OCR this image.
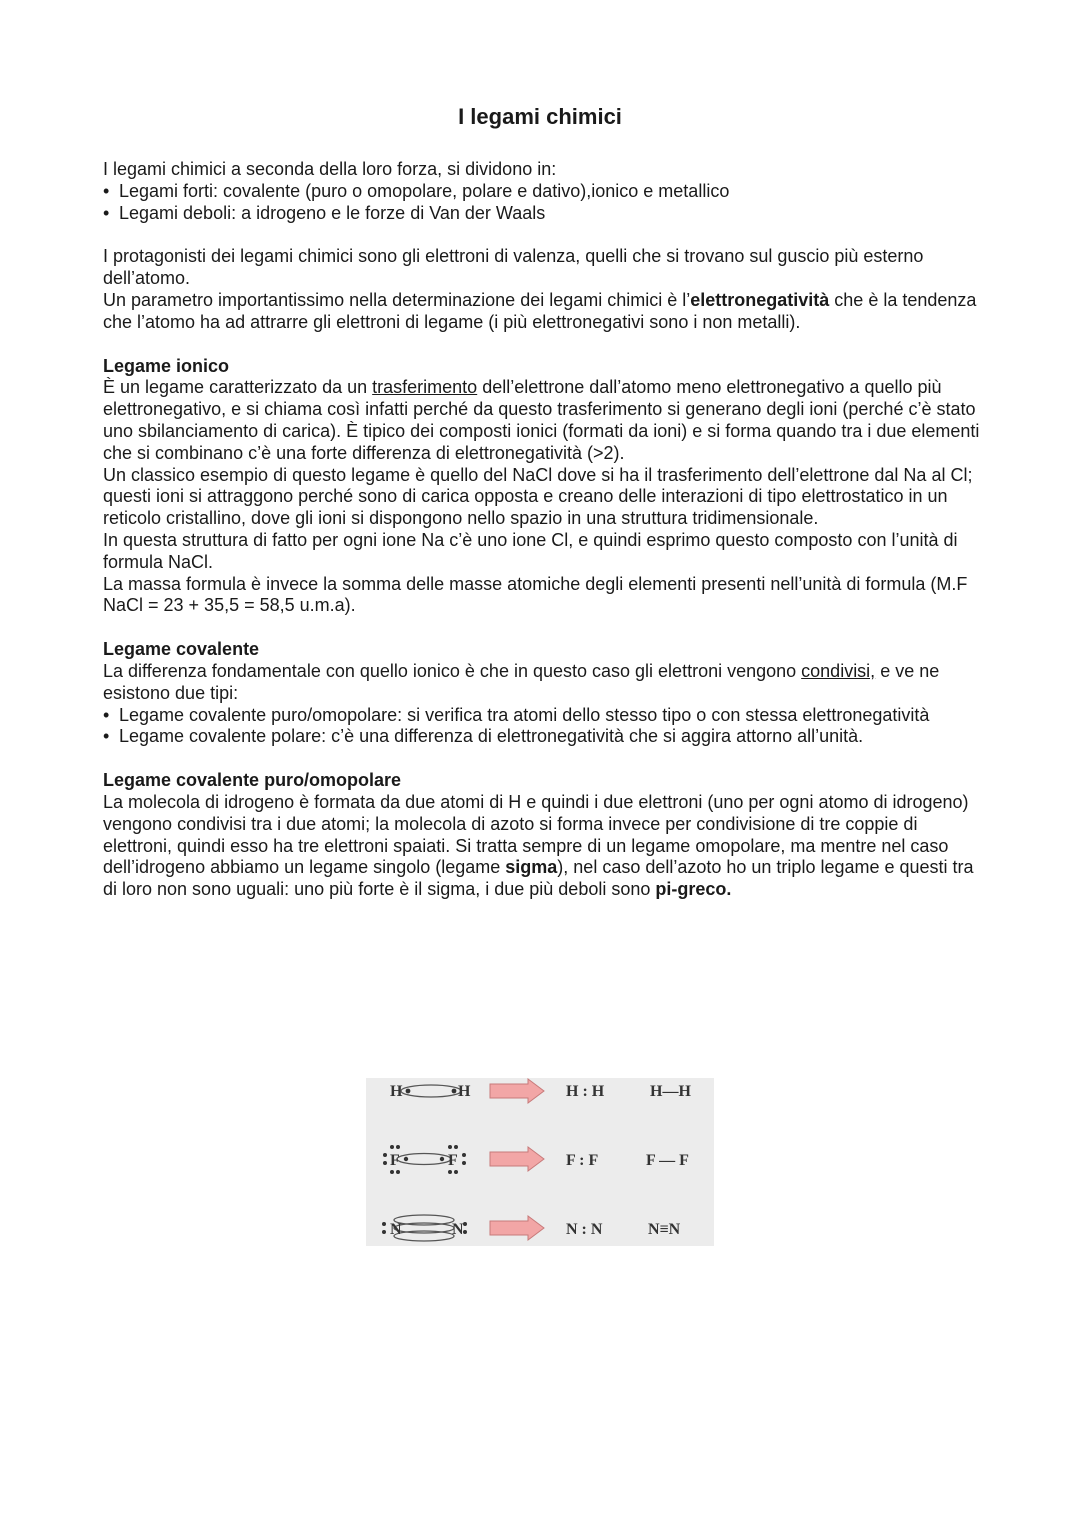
I legami chimici

I legami chimici a seconda della loro forza, si dividono in:

• Legami forti: covalente (puro o omopolare, polare e dativo),ionico e metallico

• Legami deboli: a idrogeno e le forze di Van der Waals

I protagonisti dei legami chimici sono gli elettroni di valenza, quelli che si trovano sul guscio più esterno dell’atomo.

Un parametro importantissimo nella determinazione dei legami chimici è l’elettronegatività che è la tendenza che l’atomo ha ad attrarre gli elettroni di legame (i più elettronegativi sono i non metalli).

Legame ionico

È un legame caratterizzato da un trasferimento dell’elettrone dall’atomo meno elettronegativo a quello più elettronegativo, e si chiama così infatti perché da questo trasferimento si generano degli ioni (perché c’è stato uno sbilanciamento di carica). È tipico dei composti ionici (formati da ioni) e si forma quando tra i due elementi che si combinano c’è una forte differenza di elettronegatività (>2).

Un classico esempio di questo legame è quello del NaCl dove si ha il trasferimento dell’elettrone dal Na al Cl; questi ioni si attraggono perché sono di carica opposta e creano delle interazioni di tipo elettrostatico in un reticolo cristallino, dove gli ioni si dispongono nello spazio in una struttura tridimensionale.

In questa struttura di fatto per ogni ione Na c’è uno ione Cl, e quindi esprimo questo composto con l’unità di formula NaCl.

La massa formula è invece la somma delle masse atomiche degli elementi presenti nell’unità di formula (M.F NaCl = 23 + 35,5 = 58,5 u.m.a).

Legame covalente

La differenza fondamentale con quello ionico è che in questo caso gli elettroni vengono condivisi, e ve ne esistono due tipi:

• Legame covalente puro/omopolare: si verifica tra atomi dello stesso tipo o con stessa elettronegatività

• Legame covalente polare: c’è una differenza di elettronegatività che si aggira attorno all’unità.

Legame covalente puro/omopolare

La molecola di idrogeno è formata da due atomi di H e quindi i due elettroni (uno per ogni atomo di idrogeno) vengono condivisi tra i due atomi; la molecola di azoto si forma invece per condivisione di tre coppie di elettroni, quindi esso ha tre elettroni spaiati. Si tratta sempre di un legame omopolare, ma mentre nel caso dell’idrogeno abbiamo un legame singolo (legame sigma), nel caso dell’azoto ho un triplo legame e questi tra di loro non sono uguali: uno più forte è il sigma, i due più deboli sono pi-greco.

H	H	H : H	H—H
F	F	F : F	F — F
N	N	N : N	N≡N
